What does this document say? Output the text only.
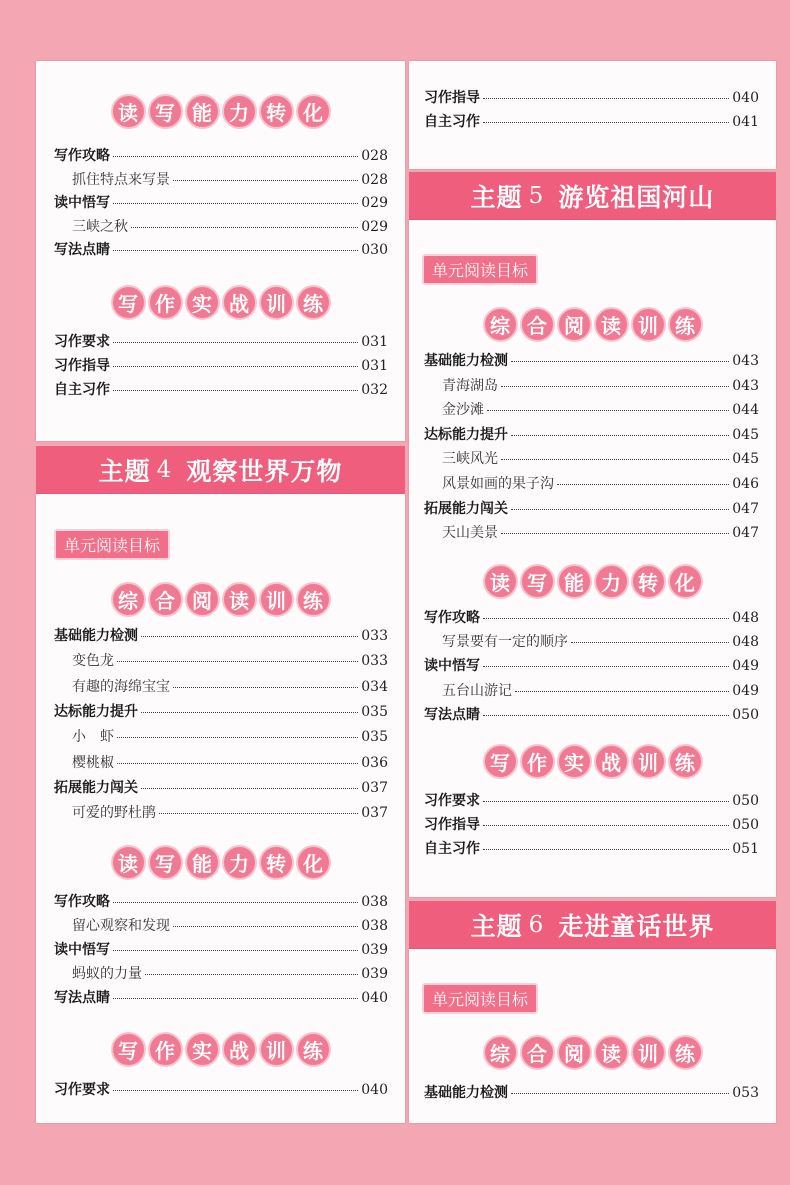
主题 4 观察世界万物
主题 5 游览祖国河山
主题 6 走进童话世界
单元阅读目标
单元阅读目标
单元阅读目标
读 写 能 力 转 化
写作攻略	028
抓住特点来写景	028
读中悟写	029
三峡之秋	029
写法点睛	030
写 作 实 战 训 练
习作要求	031
习作指导	031
自主习作	032
综 合 阅 读 训 练
基础能力检测	033
变色龙	033
有趣的海绵宝宝	034
达标能力提升	035
小　虾	035
樱桃椒	036
拓展能力闯关	037
可爱的野杜鹃	037
读 写 能 力 转 化
写作攻略	038
留心观察和发现	038
读中悟写	039
蚂蚁的力量	039
写法点睛	040
写 作 实 战 训 练
习作要求	040
习作指导	040
自主习作	041
综 合 阅 读 训 练
基础能力检测	043
青海湖岛	043
金沙滩	044
达标能力提升	045
三峡风光	045
风景如画的果子沟	046
拓展能力闯关	047
天山美景	047
读 写 能 力 转 化
写作攻略	048
写景要有一定的顺序	048
读中悟写	049
五台山游记	049
写法点睛	050
写 作 实 战 训 练
习作要求	050
习作指导	050
自主习作	051
综 合 阅 读 训 练
基础能力检测	053
